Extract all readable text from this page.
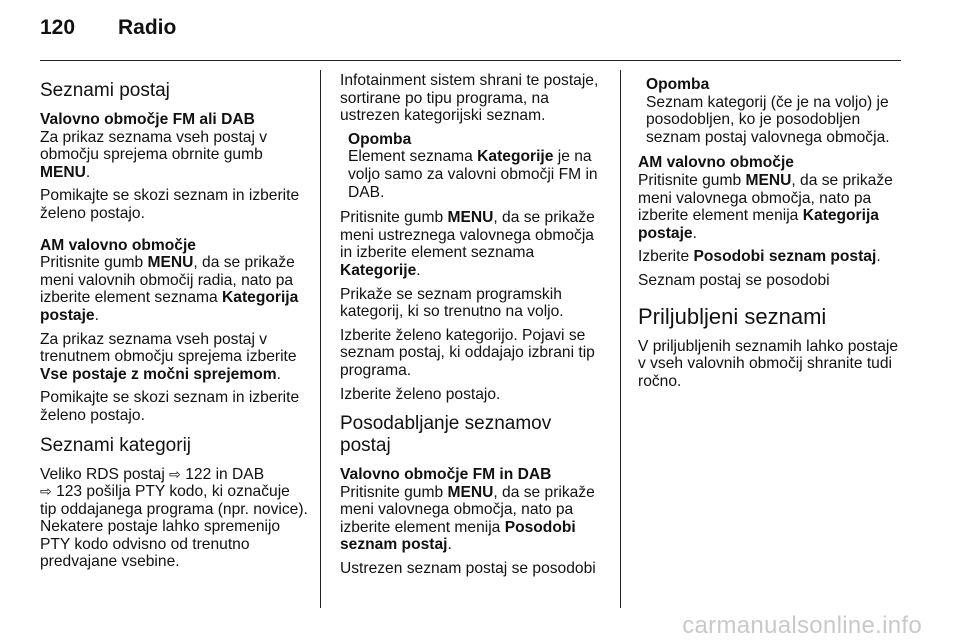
120 Radio
Seznami postaj

Valovno območje FM ali DAB

Za prikaz seznama vseh postaj v območju sprejema obrnite gumb MENU.

Pomikajte se skozi seznam in izberite želeno postajo.

AM valovno območje

Pritisnite gumb MENU, da se prikaže meni valovnih območij radia, nato pa izberite element seznama Kategorija postaje.

Za prikaz seznama vseh postaj v trenutnem območju sprejema izberite Vse postaje z močni sprejemom.

Pomikajte se skozi seznam in izberite želeno postajo.

Seznami kategorij

Veliko RDS postaj ⇨ 122 in DAB
⇨ 123 pošilja PTY kodo, ki označuje tip oddajanega programa (npr. novice). Nekatere postaje lahko spremenijo PTY kodo odvisno od trenutno predvajane vsebine.

Infotainment sistem shrani te postaje, sortirane po tipu programa, na ustrezen kategorijski seznam.

Opomba
Element seznama Kategorije je na voljo samo za valovni območji FM in DAB.

Pritisnite gumb MENU, da se prikaže meni ustreznega valovnega območja in izberite element seznama Kategorije.

Prikaže se seznam programskih kategorij, ki so trenutno na voljo.

Izberite želeno kategorijo. Pojavi se seznam postaj, ki oddajajo izbrani tip programa.

Izberite želeno postajo.

Posodabljanje seznamov postaj

Valovno območje FM in DAB

Pritisnite gumb MENU, da se prikaže meni valovnega območja, nato pa izberite element menija Posodobi seznam postaj.

Ustrezen seznam postaj se posodobi

Opomba
Seznam kategorij (če je na voljo) je posodobljen, ko je posodobljen seznam postaj valovnega območja.

AM valovno območje

Pritisnite gumb MENU, da se prikaže meni valovnega območja, nato pa izberite element menija Kategorija postaje.

Izberite Posodobi seznam postaj.

Seznam postaj se posodobi

Priljubljeni seznami

V priljubljenih seznamih lahko postaje v vseh valovnih območij shranite tudi ročno.

carmanualsonline.info
